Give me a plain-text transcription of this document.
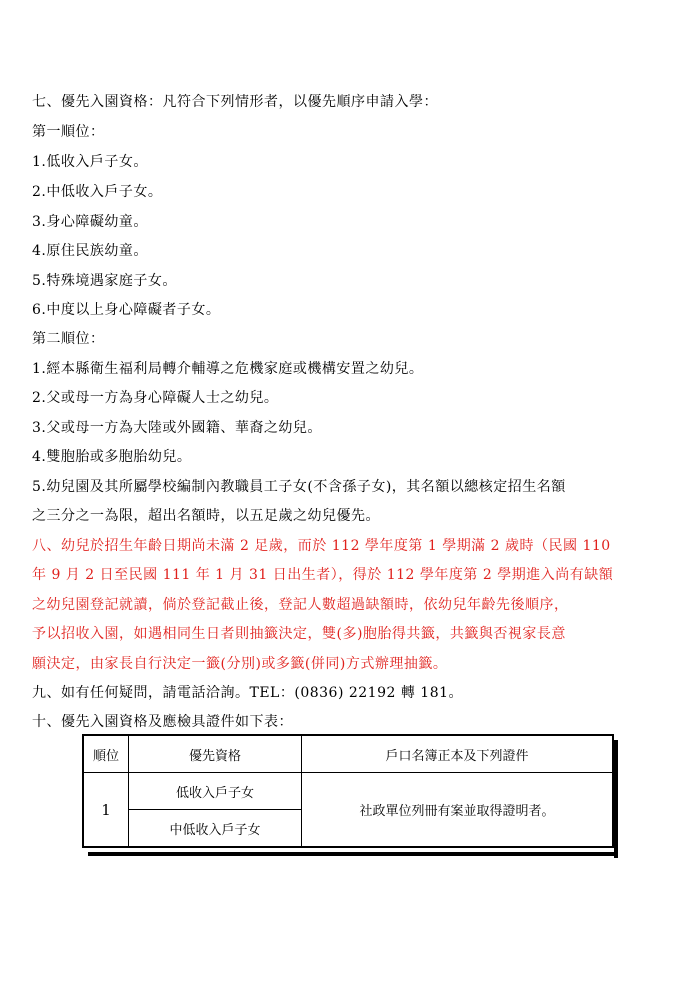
七、優先入園資格：凡符合下列情形者，以優先順序申請入學：
第一順位：
1.低收入戶子女。
2.中低收入戶子女。
3.身心障礙幼童。
4.原住民族幼童。
5.特殊境遇家庭子女。
6.中度以上身心障礙者子女。
第二順位：
1.經本縣衛生福利局轉介輔導之危機家庭或機構安置之幼兒。
2.父或母一方為身心障礙人士之幼兒。
3.父或母一方為大陸或外國籍、華裔之幼兒。
4.雙胞胎或多胞胎幼兒。
5.幼兒園及其所屬學校編制內教職員工子女(不含孫子女)，其名額以總核定招生名額
之三分之一為限，超出名額時，以五足歲之幼兒優先。
八、幼兒於招生年齡日期尚未滿 2 足歲，而於 112 學年度第 1 學期滿 2 歲時（民國 110
年 9 月 2 日至民國 111 年 1 月 31 日出生者），得於 112 學年度第 2 學期進入尚有缺額
之幼兒園登記就讀，倘於登記截止後，登記人數超過缺額時，依幼兒年齡先後順序，
予以招收入園，如遇相同生日者則抽籤決定，雙(多)胞胎得共籤，共籤與否視家長意
願決定，由家長自行決定一籤(分別)或多籤(併同)方式辦理抽籤。
九、如有任何疑問，請電話洽詢。TEL：(0836) 22192 轉 181。
十、優先入園資格及應檢具證件如下表：
順位	優先資格	戶口名簿正本及下列證件
1	低收入戶子女	社政單位列冊有案並取得證明者。
	中低收入戶子女	
